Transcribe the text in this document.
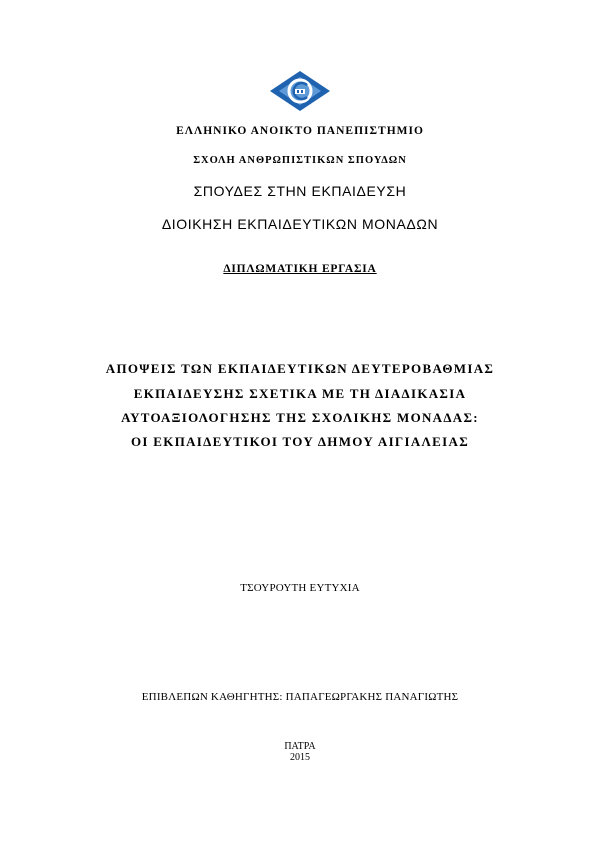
ΕΛΛΗΝΙΚΟ ΑΝΟΙΚΤΟ ΠΑΝΕΠΙΣΤΗΜΙΟ
ΣΧΟΛΗ ΑΝΘΡΩΠΙΣΤΙΚΩΝ ΣΠΟΥΔΩΝ
ΣΠΟΥΔΕΣ ΣΤΗΝ ΕΚΠΑΙΔΕΥΣΗ
ΔΙΟΙΚΗΣΗ ΕΚΠΑΙΔΕΥΤΙΚΩΝ ΜΟΝΑΔΩΝ
ΔΙΠΛΩΜΑΤΙΚΗ ΕΡΓΑΣΙΑ
ΑΠΟΨΕΙΣ ΤΩΝ ΕΚΠΑΙΔΕΥΤΙΚΩΝ ΔΕΥΤΕΡΟΒΑΘΜΙΑΣ
ΕΚΠΑΙΔΕΥΣΗΣ ΣΧΕΤΙΚΑ ΜΕ ΤΗ ΔΙΑΔΙΚΑΣΙΑ
ΑΥΤΟΑΞΙΟΛΟΓΗΣΗΣ ΤΗΣ ΣΧΟΛΙΚΗΣ ΜΟΝΑΔΑΣ:
ΟΙ ΕΚΠΑΙΔΕΥΤΙΚΟΙ ΤΟΥ ΔΗΜΟΥ ΑΙΓΙΑΛΕΙΑΣ
ΤΣΟΥΡΟΥΤΗ ΕΥΤΥΧΙΑ
ΕΠΙΒΛΕΠΩΝ ΚΑΘΗΓΗΤΗΣ: ΠΑΠΑΓΕΩΡΓΑΚΗΣ ΠΑΝΑΓΙΩΤΗΣ
ΠΑΤΡΑ
2015
